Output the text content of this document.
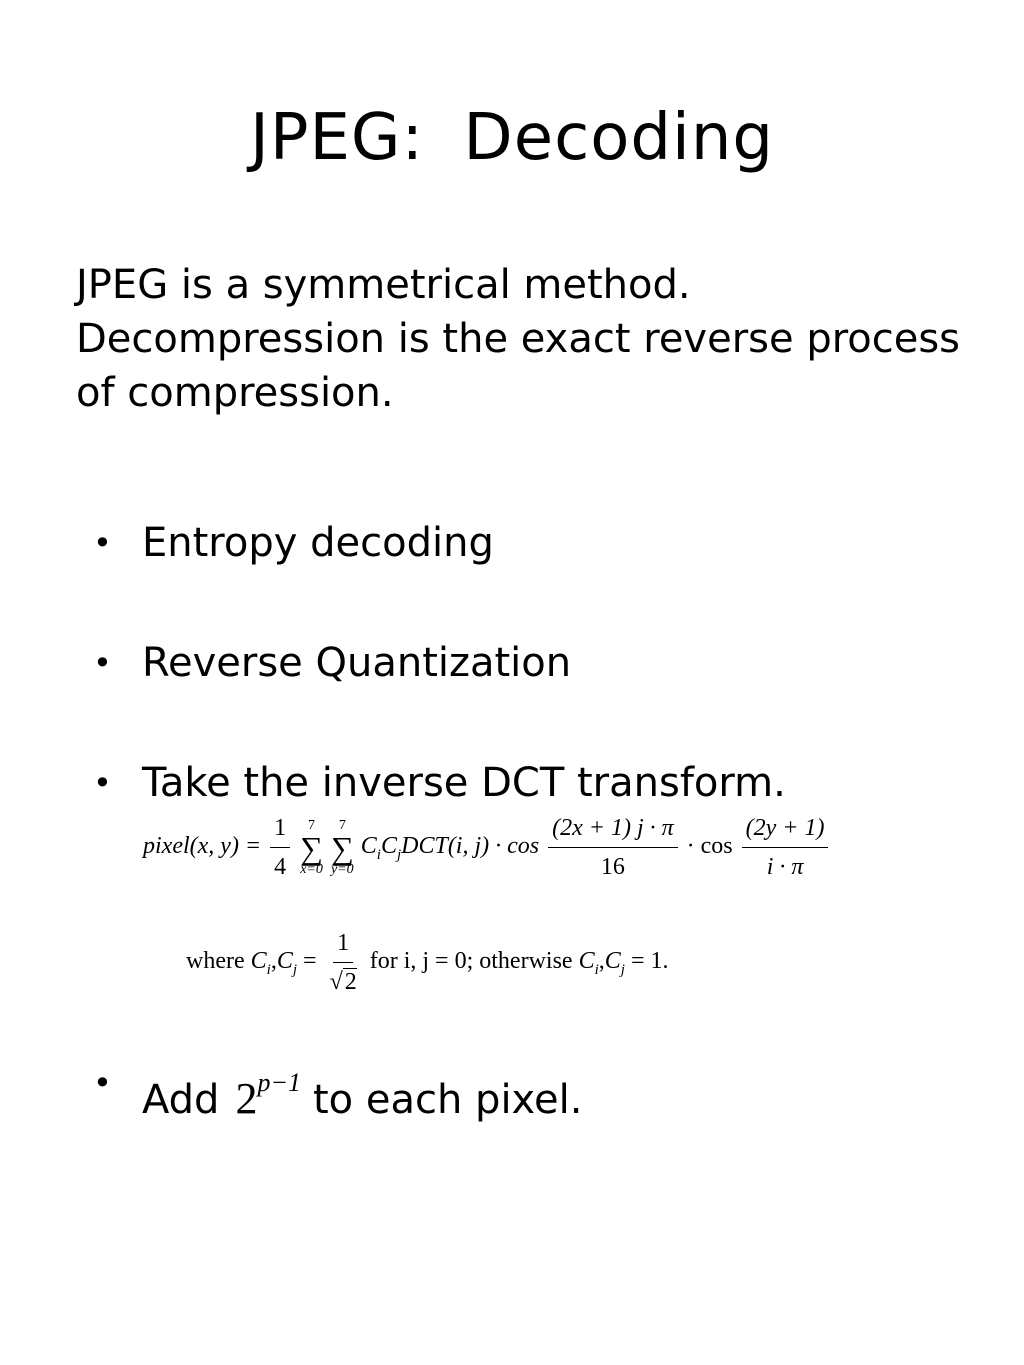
JPEG: Decoding
JPEG is a symmetrical method.
Decompression is the exact reverse process
of compression.
• Entropy decoding
• Reverse Quantization
• Take the inverse DCT transform.
pixel(x, $y) = \frac{1}{4}$
7
∑
x=0

7
∑
y=0
$C_iC_jDCT(i$, $j) \cdot \cos \frac{(2x + 1) j \cdot \pi}{16} \cdot \cos \frac{(2y + 1)}{i \cdot \pi}$
where $C_i,C_j = \frac{1}{√2}$ for i, j = 0; otherwise $C_i,C_j = 1$.
• Add $2^{p-1}$ to each pixel.
